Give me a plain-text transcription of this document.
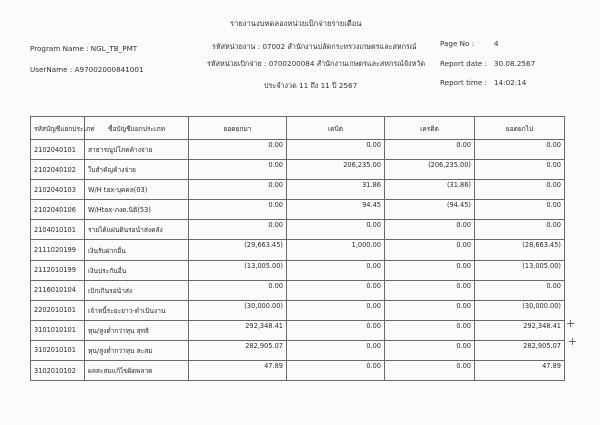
รายงานงบทดลองหน่วยเบิกจ่ายรายเดือน
Program Name : NGL_TB_PMT
UserName : A97002000841001
รหัสหน่วยงาน : 07002 สำนักงานปลัดกระทรวงเกษตรและสหกรณ์
รหัสหน่วยเบิกจ่าย : 0700200084 สำนักงานเกษตรและสหกรณ์จังหวัด
ประจำงวด 11 ถึง 11 ปี 2567
Page No :	4
Report date : 30.08.2567
Report time : 14:02:14
รหัสบัญชีแยกประเภท	ชื่อบัญชีแยกประเภท	ยอดยกมา	เดบิต	เครดิต	ยอดยกไป
2102040101	สาธารณูปโภคค้างจ่าย	0.00	0.00	0.00	0.00
2102040102	ใบสำคัญค้างจ่าย	0.00	206,235.00	(206,235.00)	0.00
2102040103	W/H tax-บุคคล(03)	0.00	31.86	(31.86)	0.00
2102040106	W/Htax-ภงด.นิติ(53)	0.00	94.45	(94.45)	0.00
2104010101	รายได้แผ่นดินรอนำส่งคลัง	0.00	0.00	0.00	0.00
2111020199	เงินรับฝากอื่น	(29,663.45)	1,000.00	0.00	(28,663.45)
2112010199	เงินประกันอื่น	(13,005.00)	0.00	0.00	(13,005.00)
2116010104	เบิกเกินรอนำส่ง	0.00	0.00	0.00	0.00
2202010101	เจ้าหนี้ระยะยาว-ดำเนินงาน	(30,000.00)	0.00	0.00	(30,000.00)
3101010101	ทุน/สูงต่ำกว่าทุน สุทธิ	292,348.41	0.00	0.00	292,348.41
3102010101	ทุน/สูงต่ำกว่าทุน สะสม	282,905.07	0.00	0.00	282,905.07
3102010102	ผลสะสมแก้ไขผิดพลาด	47.89	0.00	0.00	47.89
+
+
